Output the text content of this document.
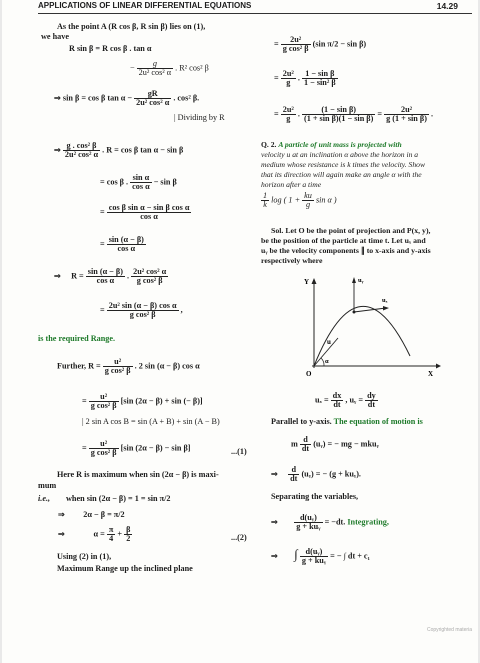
APPLICATIONS OF LINEAR DIFFERENTIAL EQUATIONS	14.29
As the point A (R cos β, R sin β) lies on (1),
we have
R sin β = R cos β . tan α
− $\frac{g}{\text{2u² cos² α}}$ . R² cos² β
⇒ sin β = cos β $\tan \alpha - \frac{gR}{\text{2u² cos² α}}$ . cos² β.
| Dividing by R
⇒ $\frac{\text{g . cos² β}}{\text{2u² cos² α}}$ . R = cos β tan α − sin β
= cos β . $\frac{\text{sin α}}{\text{cos α}} - \sin \beta$
= $\frac{\text{cos β sin α − sin β cos α}}{\text{cos α}}$
= $\frac{\sin (\alpha - \beta)}{\text{cos α}}$
⇒     $R = \frac{\sin (\alpha - \beta)}{\text{cos α}}$ . $\frac{\text{2u² cos² α}}{\text{g cos² β}}$
= $\frac{\text{2u² sin (α − β) cos α}}{\text{g cos² β}}$ ,
is the required Range.
Further, $R = \frac{\text{u²}}{\text{g cos² β}}$ . 2 sin (α − β) cos α
= $\frac{\text{u²}}{\text{g cos² β}} [\sin$ (2α − β) + sin (− β)]
| 2 sin A cos B = sin (A + B) + sin (A − B)
= $\frac{\text{u²}}{\text{g cos² β}} [\sin$ (2α − β) − sin β]	...(1)
Here R is maximum when sin (2α − β) is maxi-
mum
i.e., when sin (2α − β) = 1 = sin π/2
⇒         2α − β = π/2
⇒              $\alpha = \frac{\pi}{4} + \frac{\beta}{2}$	...(2)
Using (2) in (1),
Maximum Range up the inclined plane
= $\frac{\text{2u²}}{\text{g cos² β}} (\sin$ π/2 − sin β)
= $\frac{\text{2u²}}{g}$ . $\frac{\text{1 − sin β}}{\text{1 − sin² β}}$
= $\frac{\text{2u²}}{g}$ . $\frac{\text{(1 − sin β)}}{\text{(1 + sin β)(1 − sin β)}} = \frac{\text{2u²}}{\text{g (1 + sin β)}}$ .
Q. 2. A particle of unit mass is projected with
velocity u at an inclination α above the horizon in a
medium whose resistance is k times the velocity. Show
that its direction will again make an angle α with the
horizon after a time
$\frac{1}{k}$ log ( $1 + \frac{ku}{g}$ sin α )
Sol. Let O be the point of projection and P(x, y),
be the position of the particle at time t. Let uₓ and
uᵧ be the velocity components ∥ to x-axis and y-axis
respectively where
Y
X
O
u
α
uᵧ
uₓ
$u_x = \frac{dx}{dt}$ , uᵧ = $\frac{dy}{dt}$
Parallel to y-axis. The equation of motion is
m $\frac{d}{dt}$ (uᵧ) = − mg − mkuᵧ
⇒ $\frac{d}{dt}$ (uᵧ) = − (g + kuᵧ).
Separating the variables,
⇒ $\frac{\text{d(uᵧ)}}{\text{g + kuᵧ}} = -dt$. Integrating,
⇒        ∫ $\frac{\text{d(uᵧ)}}{\text{g + kuᵧ}}$ = − ∫ dt + c₁
Copyrighted materia
